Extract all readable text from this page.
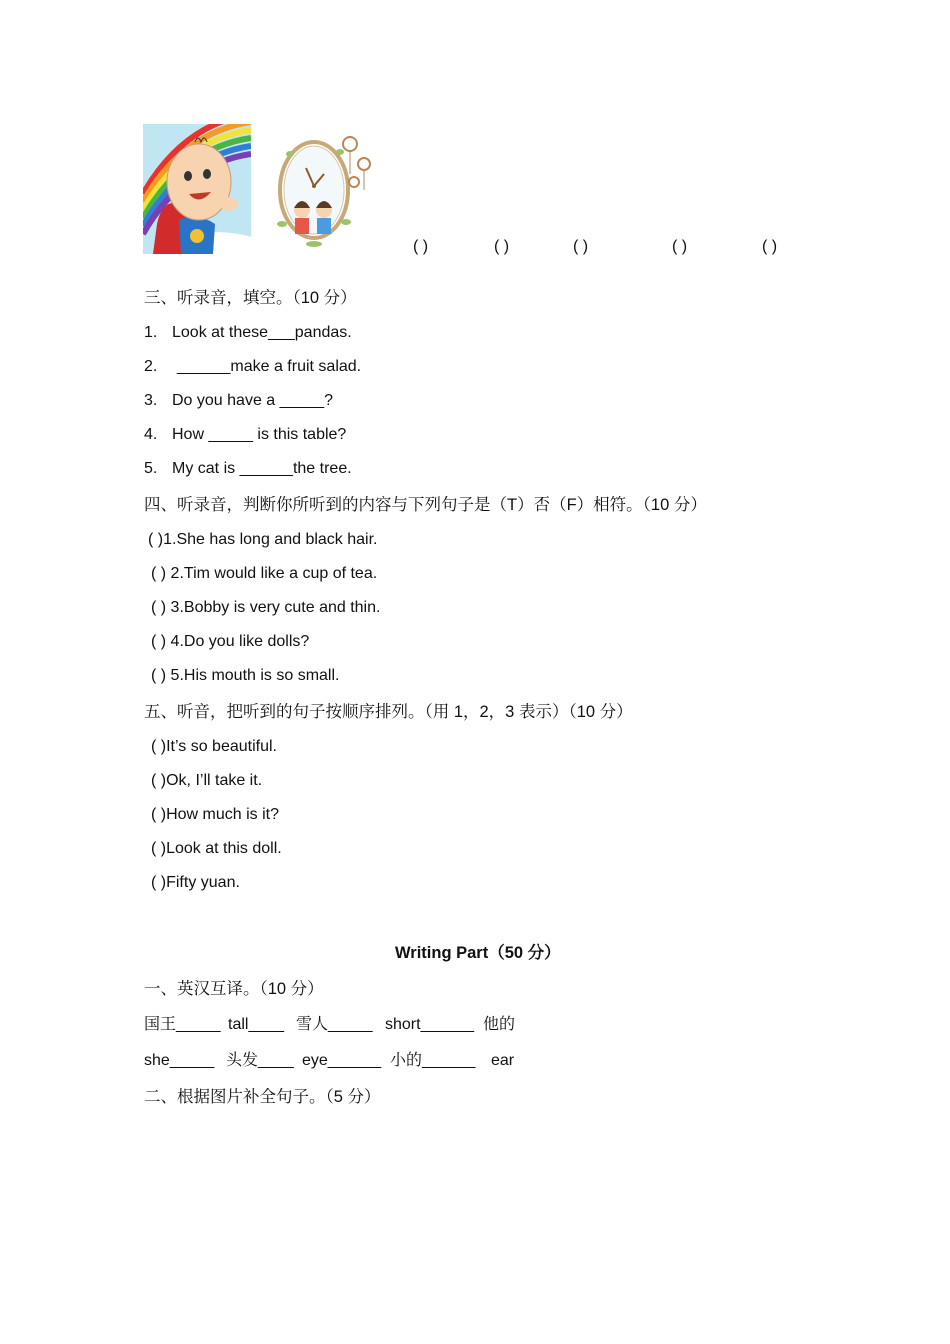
( )	( )	( )	( )	( )
三、听录音，填空。（10 分）
1. Look at these___pandas.
2. ______make a fruit salad.
3. Do you have a _____?
4. How _____ is this table?
5. My cat is ______the tree.
四、听录音，判断你所听到的内容与下列句子是（T）否（F）相符。（10 分）
( )1.She has long and black hair.
( ) 2.Tim would like a cup of tea.
( ) 3.Bobby is very cute and thin.
( ) 4.Do you like dolls?
( ) 5.His mouth is so small.
五、听音，把听到的句子按顺序排列。（用 1，2，3 表示）（10 分）
( )It’s so beautiful.
( )Ok, I’ll take it.
( )How much is it?
( )Look at this doll.
( )Fifty yuan.
Writing Part（50 分）
一、英汉互译。（10 分）
国王_____ tall____ 雪人_____ short______ 他的
she_____ 头发____ eye______ 小的______ ear
二、根据图片补全句子。（5 分）
